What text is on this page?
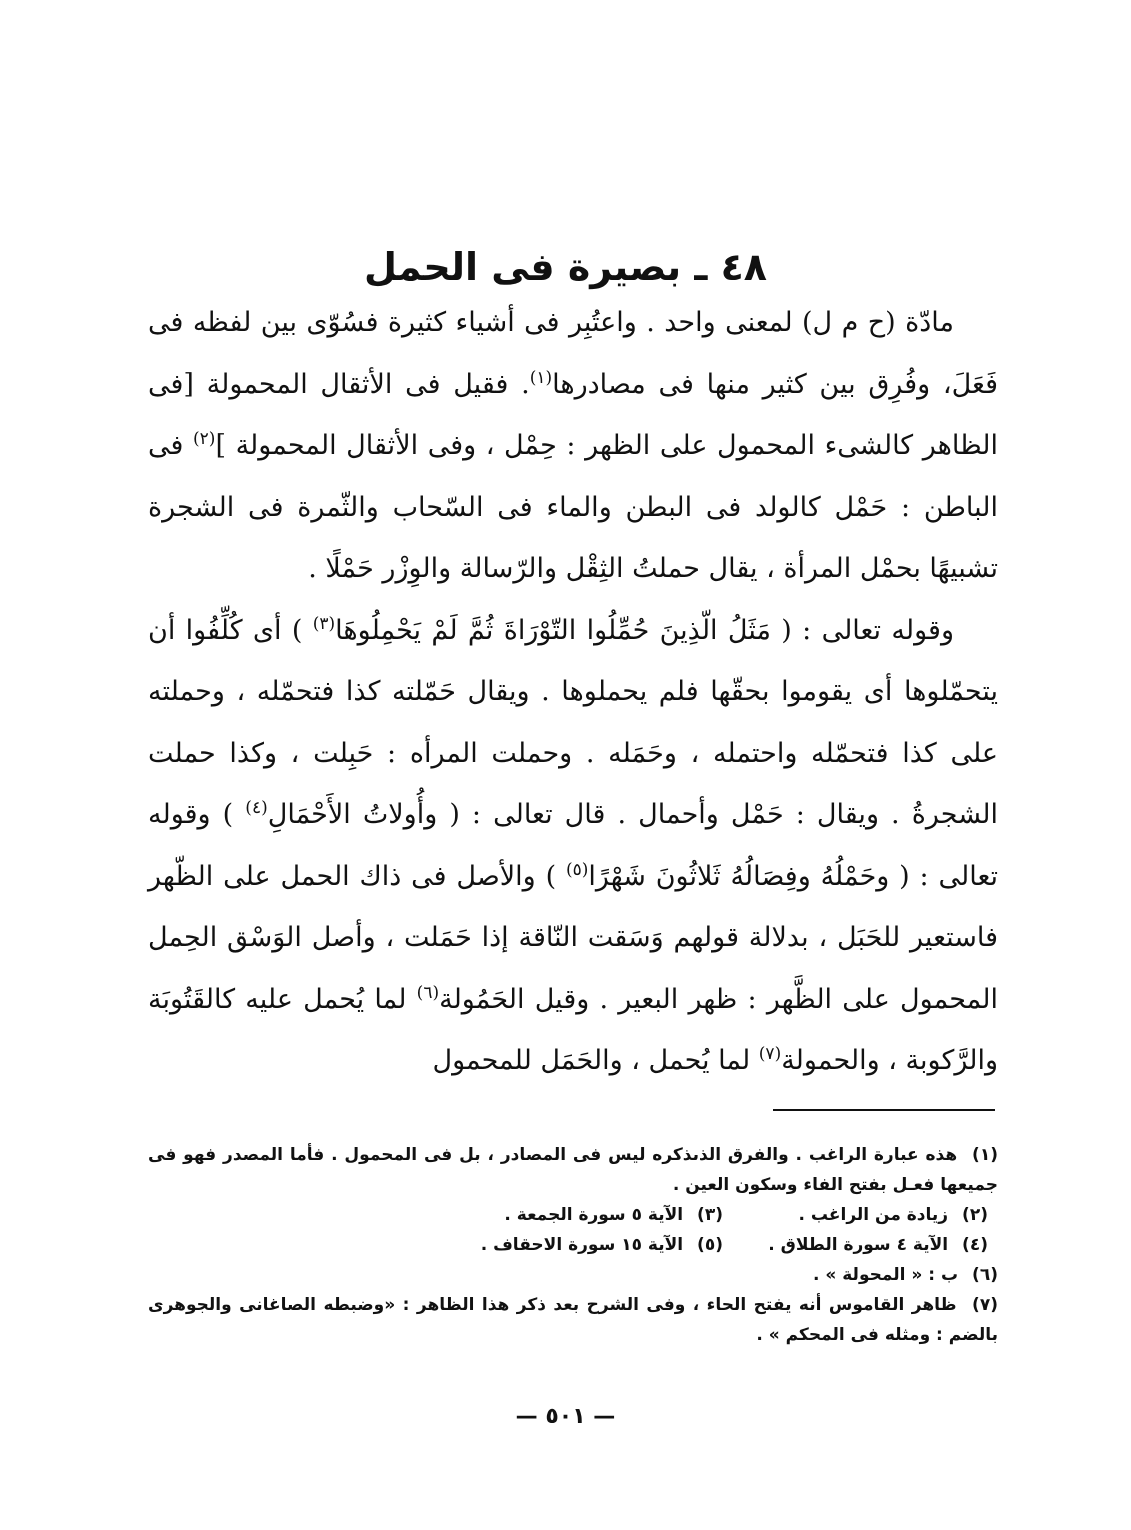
٤٨ ـ بصيرة فى الحمل

مادّة (ح م ل) لمعنى واحد . واعتُبِر فى أشياء كثيرة فسُوّى بين لفظه فى فَعَلَ، وفُرِق بين كثير منها فى مصادرها$^{(١)}$. فقيل فى الأثقال المحمولة [فى الظاهر كالشىء المحمول على الظهر : حِمْل ، وفى الأثقال المحمولة ]$^{(٢)}$ فى الباطن : حَمْل كالولد فى البطن والماء فى السّحاب والثّمرة فى الشجرة تشبيهًا بحمْل المرأة ، يقال حملتُ الثِقْل والرّسالة والوِزْر حَمْلًا .

وقوله تعالى : ( مَثَلُ الّذِينَ حُمِّلُوا التّوْرَاةَ ثُمَّ لَمْ يَحْمِلُوهَا$^{(٣)}$ ) أى كُلِّفُوا أن يتحمّلوها أى يقوموا بحقّها فلم يحملوها . ويقال حَمّلته كذا فتحمّله ، وحملته على كذا فتحمّله واحتمله ، وحَمَله . وحملت المرأه : حَبِلت ، وكذا حملت الشجرةُ . ويقال : حَمْل وأحمال . قال تعالى : ( وأُولاتُ الأَحْمَالِ$^{(٤)}$ ) وقوله تعالى : ( وحَمْلُهُ وفِصَالُهُ ثَلاثُونَ شَهْرًا$^{(٥)}$ ) والأصل فى ذاك الحمل على الظّهر فاستعير للحَبَل ، بدلالة قولهم وَسَقت النّاقة إذا حَمَلت ، وأصل الوَسْق الحِمل المحمول على الظَّهر : ظهر البعير . وقيل الحَمُولة$^{(٦)}$ لما يُحمل عليه كالقَتُوبَة والرَّكوبة ، والحمولة$^{(٧)}$ لما يُحمل ، والحَمَل للمحمول

(١) هذه عبارة الراغب . والفرق الذىذكره ليس فى المصادر ، بل فى المحمول . فأما المصدر فهو فى جميعها فعـل بفتح الفاء وسكون العين .

(٢) زيادة من الراغب .
(٣) الآية ٥ سورة الجمعة .
(٤) الآية ٤ سورة الطلاق .
(٥) الآية ١٥ سورة الاحقاف .

(٦) ب : « المحولة » .

(٧) ظاهر القاموس أنه يفتح الحاء ، وفى الشرح بعد ذكر هذا الظاهر : «وضبطه الصاغانى والجوهرى بالضم : ومثله فى المحكم » .

— ٥٠١ —
